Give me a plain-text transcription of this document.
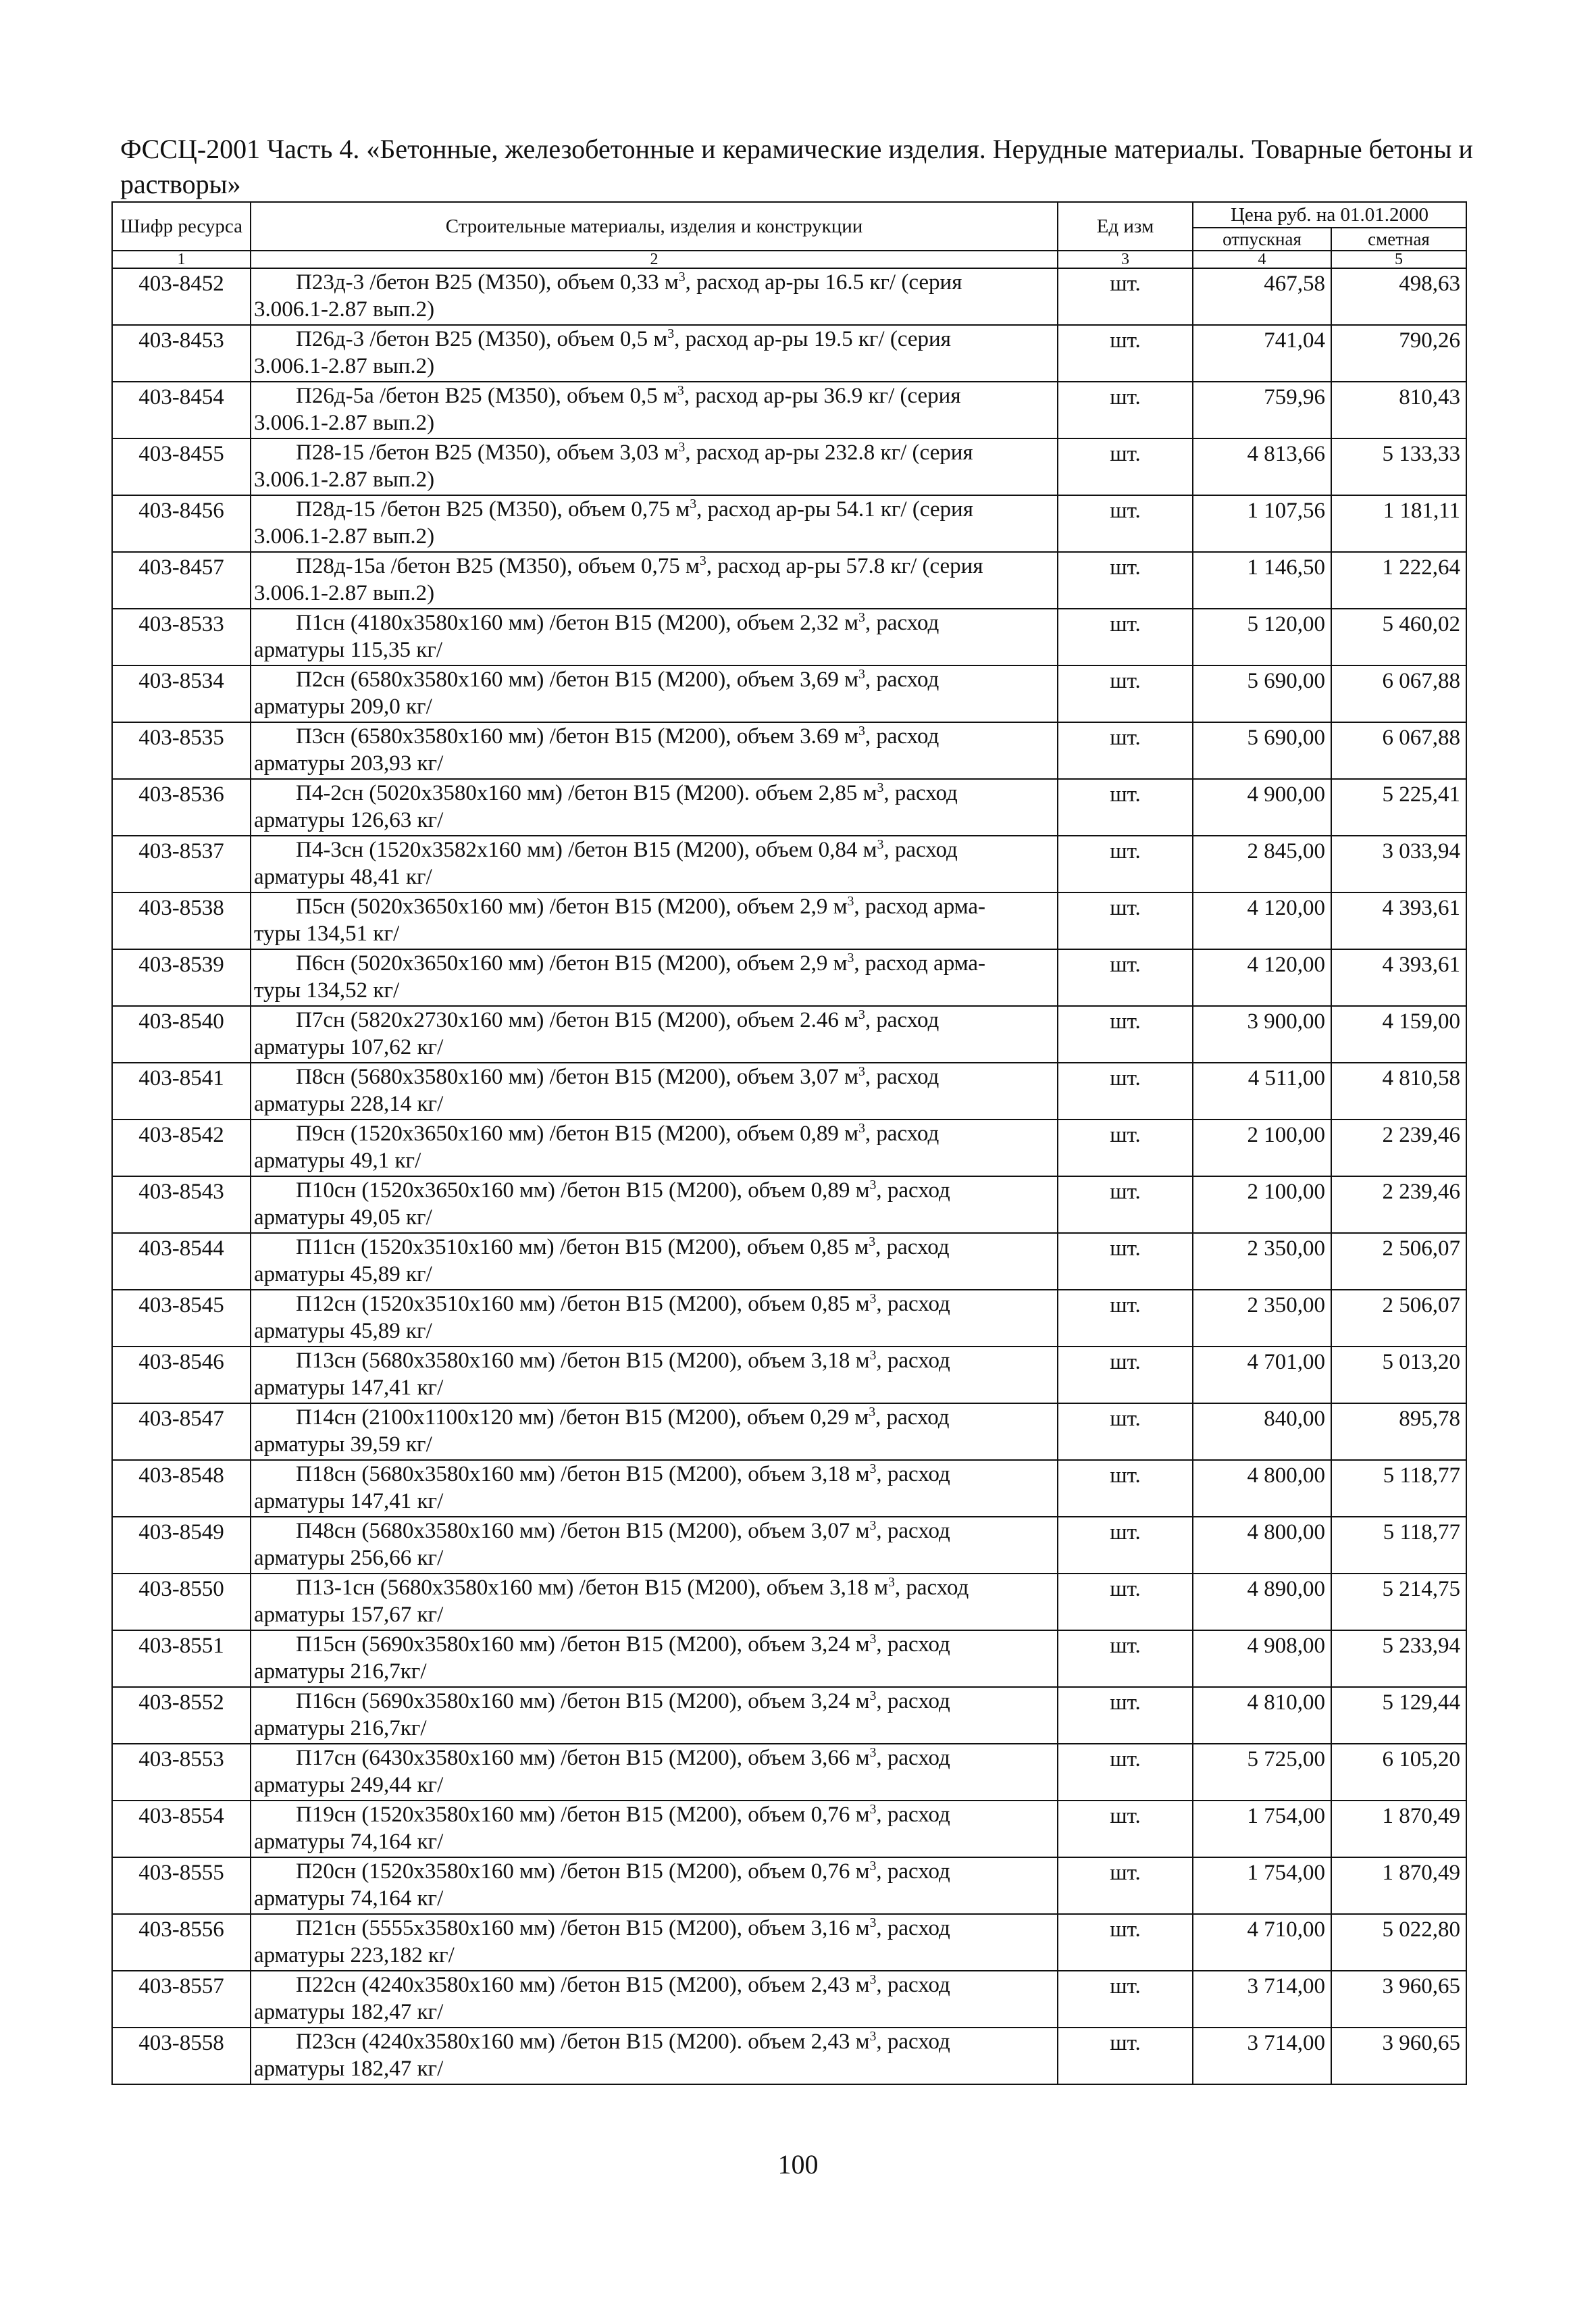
ФССЦ-2001 Часть 4. «Бетонные, железобетонные и керамические изделия. Нерудные материалы. Товарные бетоны и
растворы»
Шифр ресурса	Строительные материалы, изделия и конструкции	Ед изм	Цена руб. на 01.01.2000	
			отпускная	сметная
1	2	3	4	5
403-8452	П23д-3 /бетон В25 (М350), объем 0,33 $м^3$, расход ар-ры 16.5 кг/ (серия
3.006.1-2.87 вып.2)	шт.	467,58	498,63
403-8453	П26д-3 /бетон В25 (М350), объем 0,5 $м^3$, расход ар-ры 19.5 кг/ (серия
3.006.1-2.87 вып.2)	шт.	741,04	790,26
403-8454	П26д-5а /бетон В25 (М350), объем 0,5 $м^3$, расход ар-ры 36.9 кг/ (серия
3.006.1-2.87 вып.2)	шт.	759,96	810,43
403-8455	П28-15 /бетон В25 (М350), объем 3,03 $м^3$, расход ар-ры 232.8 кг/ (серия
3.006.1-2.87 вып.2)	шт.	4 813,66	5 133,33
403-8456	П28д-15 /бетон В25 (М350), объем 0,75 $м^3$, расход ар-ры 54.1 кг/ (серия
3.006.1-2.87 вып.2)	шт.	1 107,56	1 181,11
403-8457	П28д-15а /бетон В25 (М350), объем 0,75 $м^3$, расход ар-ры 57.8 кг/ (серия
3.006.1-2.87 вып.2)	шт.	1 146,50	1 222,64
403-8533	П1сн (4180x3580x160 мм) /бетон В15 (М200), объем 2,32 $м^3$, расход
арматуры 115,35 кг/	шт.	5 120,00	5 460,02
403-8534	П2сн (6580x3580x160 мм) /бетон В15 (М200), объем 3,69 $м^3$, расход
арматуры 209,0 кг/	шт.	5 690,00	6 067,88
403-8535	П3сн (6580x3580x160 мм) /бетон В15 (М200), объем 3.69 $м^3$, расход
арматуры 203,93 кг/	шт.	5 690,00	6 067,88
403-8536	П4-2сн (5020x3580x160 мм) /бетон В15 (М200). объем 2,85 $м^3$, расход
арматуры 126,63 кг/	шт.	4 900,00	5 225,41
403-8537	П4-3сн (1520x3582x160 мм) /бетон В15 (М200), объем 0,84 $м^3$, расход
арматуры 48,41 кг/	шт.	2 845,00	3 033,94
403-8538	П5сн (5020x3650x160 мм) /бетон В15 (М200), объем 2,9 $м^3$, расход арма-
туры 134,51 кг/	шт.	4 120,00	4 393,61
403-8539	П6сн (5020x3650x160 мм) /бетон В15 (М200), объем 2,9 $м^3$, расход арма-
туры 134,52 кг/	шт.	4 120,00	4 393,61
403-8540	П7сн (5820x2730x160 мм) /бетон В15 (М200), объем 2.46 $м^3$, расход
арматуры 107,62 кг/	шт.	3 900,00	4 159,00
403-8541	П8сн (5680x3580x160 мм) /бетон В15 (М200), объем 3,07 $м^3$, расход
арматуры 228,14 кг/	шт.	4 511,00	4 810,58
403-8542	П9сн (1520x3650x160 мм) /бетон В15 (М200), объем 0,89 $м^3$, расход
арматуры 49,1 кг/	шт.	2 100,00	2 239,46
403-8543	П10сн (1520x3650x160 мм) /бетон В15 (М200), объем 0,89 $м^3$, расход
арматуры 49,05 кг/	шт.	2 100,00	2 239,46
403-8544	П11сн (1520x3510x160 мм) /бетон В15 (М200), объем 0,85 $м^3$, расход
арматуры 45,89 кг/	шт.	2 350,00	2 506,07
403-8545	П12сн (1520x3510x160 мм) /бетон В15 (М200), объем 0,85 $м^3$, расход
арматуры 45,89 кг/	шт.	2 350,00	2 506,07
403-8546	П13сн (5680x3580x160 мм) /бетон В15 (М200), объем 3,18 $м^3$, расход
арматуры 147,41 кг/	шт.	4 701,00	5 013,20
403-8547	П14сн (2100x1100x120 мм) /бетон В15 (М200), объем 0,29 $м^3$, расход
арматуры 39,59 кг/	шт.	840,00	895,78
403-8548	П18сн (5680x3580x160 мм) /бетон В15 (М200), объем 3,18 $м^3$, расход
арматуры 147,41 кг/	шт.	4 800,00	5 118,77
403-8549	П48сн (5680x3580x160 мм) /бетон В15 (М200), объем 3,07 $м^3$, расход
арматуры 256,66 кг/	шт.	4 800,00	5 118,77
403-8550	П13-1сн (5680x3580x160 мм) /бетон В15 (М200), объем 3,18 $м^3$, расход
арматуры 157,67 кг/	шт.	4 890,00	5 214,75
403-8551	П15сн (5690x3580x160 мм) /бетон В15 (М200), объем 3,24 $м^3$, расход
арматуры 216,7кг/	шт.	4 908,00	5 233,94
403-8552	П16сн (5690x3580x160 мм) /бетон В15 (М200), объем 3,24 $м^3$, расход
арматуры 216,7кг/	шт.	4 810,00	5 129,44
403-8553	П17сн (6430x3580x160 мм) /бетон В15 (М200), объем 3,66 $м^3$, расход
арматуры 249,44 кг/	шт.	5 725,00	6 105,20
403-8554	П19сн (1520x3580x160 мм) /бетон В15 (М200), объем 0,76 $м^3$, расход
арматуры 74,164 кг/	шт.	1 754,00	1 870,49
403-8555	П20сн (1520x3580x160 мм) /бетон В15 (М200), объем 0,76 $м^3$, расход
арматуры 74,164 кг/	шт.	1 754,00	1 870,49
403-8556	П21сн (5555x3580x160 мм) /бетон В15 (М200), объем 3,16 $м^3$, расход
арматуры 223,182 кг/	шт.	4 710,00	5 022,80
403-8557	П22сн (4240x3580x160 мм) /бетон В15 (М200), объем 2,43 $м^3$, расход
арматуры 182,47 кг/	шт.	3 714,00	3 960,65
403-8558	П23сн (4240x3580x160 мм) /бетон В15 (М200). объем 2,43 $м^3$, расход
арматуры 182,47 кг/	шт.	3 714,00	3 960,65
100
